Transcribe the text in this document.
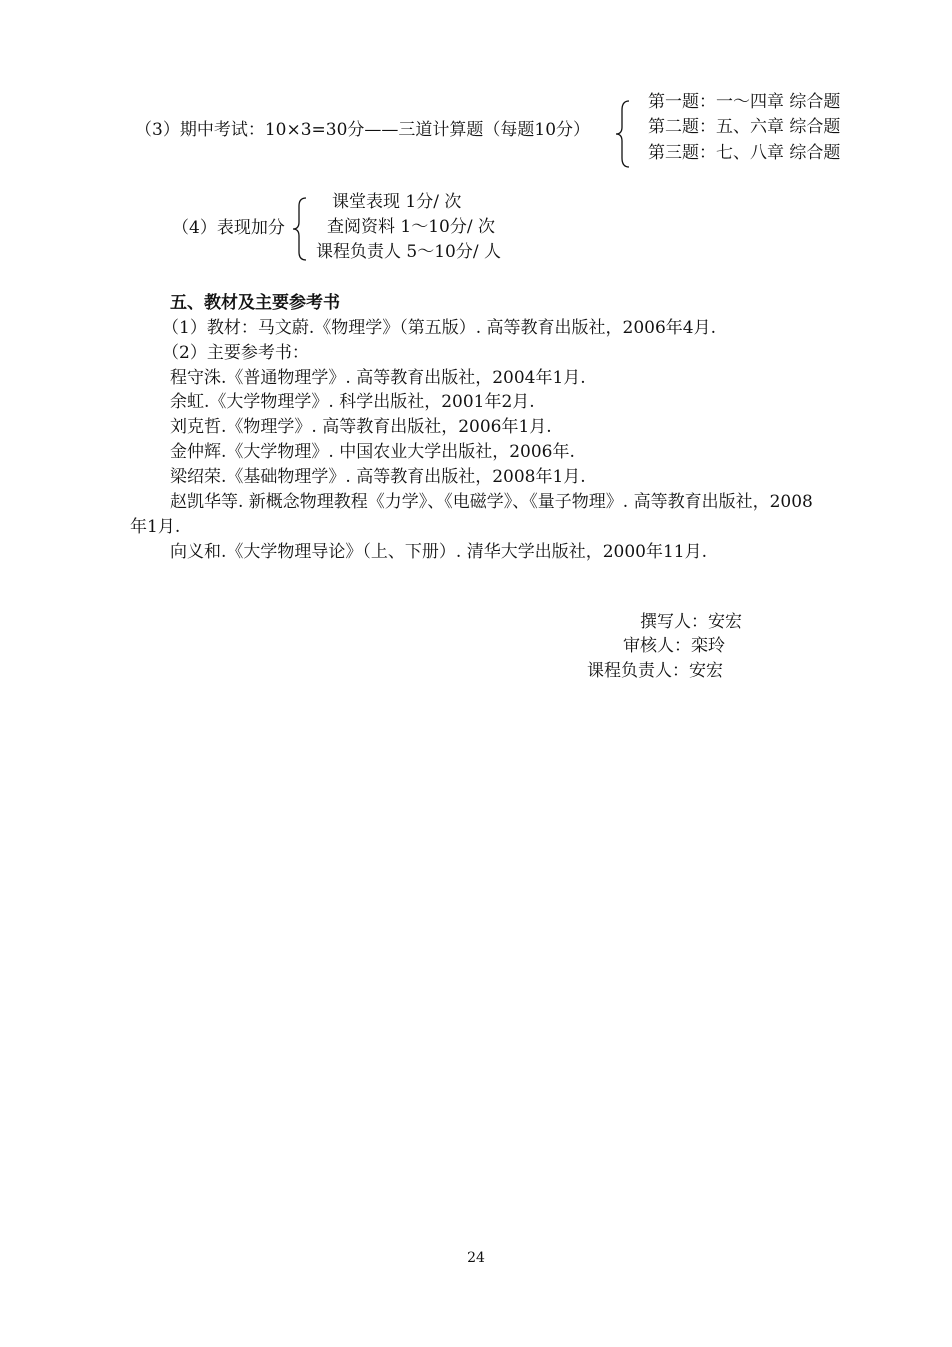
（3）期中考试：10×3=30分——三道计算题（每题10分）
第一题：一～四章 综合题
第二题：五、六章 综合题
第三题：七、八章 综合题
（4）表现加分
课堂表现 1分/ 次
查阅资料 1～10分/ 次
课程负责人 5～10分/ 人
五、教材及主要参考书
（1）教材：马文蔚.《物理学》（第五版）. 高等教育出版社，2006年4月.
（2）主要参考书：
程守洙.《普通物理学》. 高等教育出版社，2004年1月.
余虹.《大学物理学》. 科学出版社，2001年2月.
刘克哲.《物理学》. 高等教育出版社，2006年1月.
金仲辉.《大学物理》. 中国农业大学出版社，2006年.
梁绍荣.《基础物理学》. 高等教育出版社，2008年1月.
赵凯华等. 新概念物理教程《力学》、《电磁学》、《量子物理》. 高等教育出版社，2008
年1月.
向义和.《大学物理导论》（上、下册）. 清华大学出版社，2000年11月.
撰写人：安宏
审核人：栾玲
课程负责人：安宏
24
